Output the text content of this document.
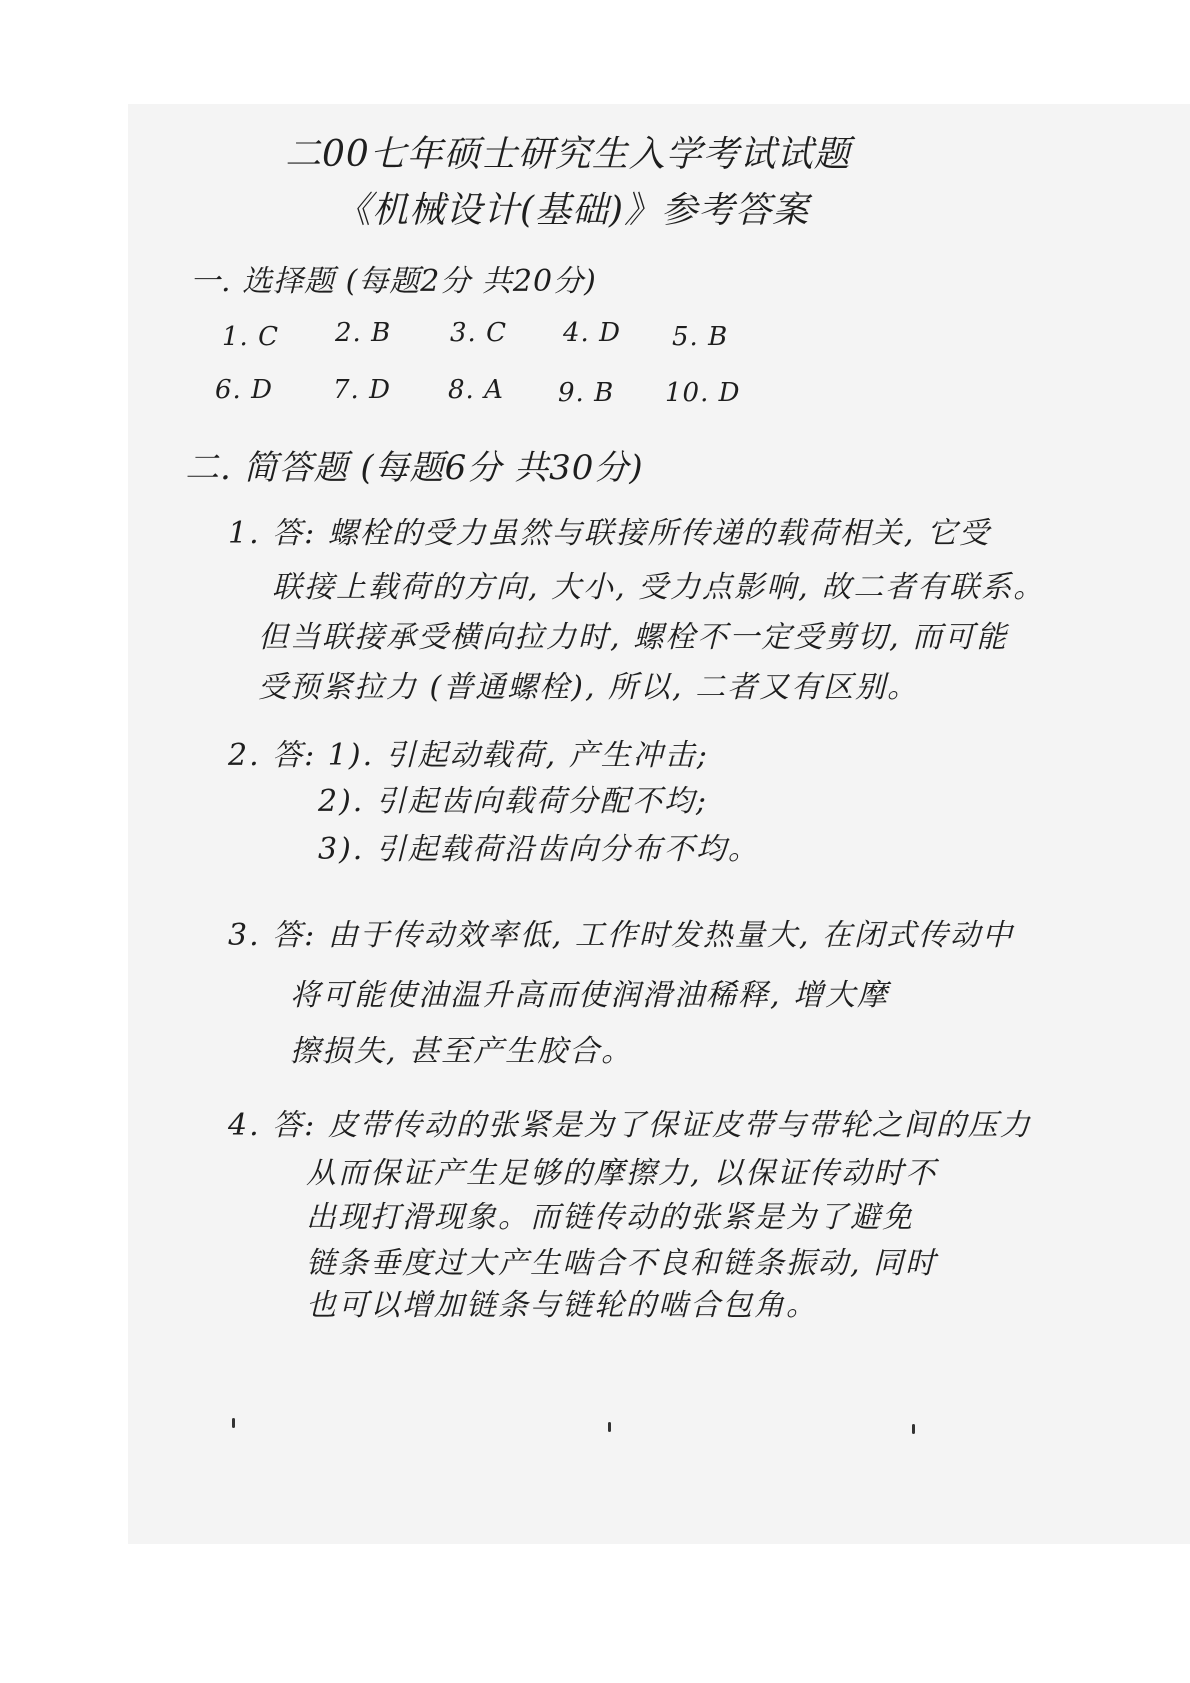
二00七年硕士研究生入学考试试题
《机械设计(基础)》参考答案
一. 选择题 (每题2分 共20分)
1. C 2. B 3. C 4. D 5. B
6. D 7. D 8. A 9. B 10. D
二. 简答题 (每题6分 共30分)
1. 答: 螺栓的受力虽然与联接所传递的载荷相关, 它受
联接上载荷的方向, 大小, 受力点影响, 故二者有联系。
但当联接承受横向拉力时, 螺栓不一定受剪切, 而可能
受预紧拉力 (普通螺栓), 所以, 二者又有区别。
2. 答: 1). 引起动载荷, 产生冲击;
2). 引起齿向载荷分配不均;
3). 引起载荷沿齿向分布不均。
3. 答: 由于传动效率低, 工作时发热量大, 在闭式传动中
将可能使油温升高而使润滑油稀释, 增大摩
擦损失, 甚至产生胶合。
4. 答: 皮带传动的张紧是为了保证皮带与带轮之间的压力
从而保证产生足够的摩擦力, 以保证传动时不
出现打滑现象。而链传动的张紧是为了避免
链条垂度过大产生啮合不良和链条振动, 同时
也可以增加链条与链轮的啮合包角。
